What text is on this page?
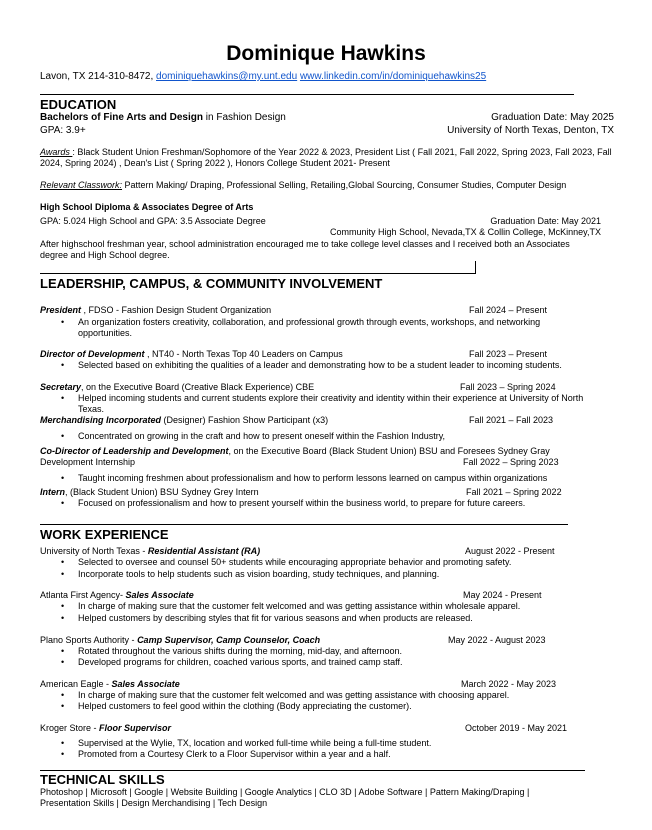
Dominique Hawkins
Lavon, TX 214-310-8472, dominiquehawkins@my.unt.edu www.linkedin.com/in/dominiquehawkins25
EDUCATION
Bachelors of Fine Arts and Design in Fashion Design	Graduation Date: May 2025
GPA: 3.9+	University of North Texas, Denton, TX
Awards : Black Student Union Freshman/Sophomore of the Year 2022 & 2023, President List ( Fall 2021, Fall 2022, Spring 2023, Fall 2023, Fall 2024, Spring 2024) , Dean's List ( Spring 2022 ), Honors College Student 2021- Present
Relevant Classwork: Pattern Making/ Draping, Professional Selling, Retailing,Global Sourcing, Consumer Studies, Computer Design
High School Diploma & Associates Degree of Arts
GPA: 5.024 High School and GPA: 3.5 Associate Degree	Graduation Date: May 2021
Community High School, Nevada,TX & Collin College, McKinney,TX
After highschool freshman year, school administration encouraged me to take college level classes and I received both an Associates degree and High School degree.
LEADERSHIP, CAMPUS, & COMMUNITY INVOLVEMENT
President , FDSO - Fashion Design Student Organization	Fall 2024 – Present
• An organization fosters creativity, collaboration, and professional growth through events, workshops, and networking opportunities.
Director of Development , NT40 - North Texas Top 40 Leaders on Campus	Fall 2023 – Present
• Selected based on exhibiting the qualities of a leader and demonstrating how to be a student leader to incoming students.
Secretary, on the Executive Board (Creative Black Experience) CBE	Fall 2023 – Spring 2024
• Helped incoming students and current students explore their creativity and identity within their experience at University of North Texas.
Merchandising Incorporated (Designer) Fashion Show Participant (x3)	Fall 2021 – Fall 2023
• Concentrated on growing in the craft and how to present oneself within the Fashion Industry,
Co-Director of Leadership and Development, on the Executive Board (Black Student Union) BSU and Foresees Sydney Gray
Development Internship	Fall 2022 – Spring 2023
• Taught incoming freshmen about professionalism and how to perform lessons learned on campus within organizations
Intern, (Black Student Union) BSU Sydney Grey Intern	Fall 2021 – Spring 2022
• Focused on professionalism and how to present yourself within the business world, to prepare for future careers.
WORK EXPERIENCE
University of North Texas - Residential Assistant (RA)	August 2022 - Present
• Selected to oversee and counsel 50+ students while encouraging appropriate behavior and promoting safety.
• Incorporate tools to help students such as vision boarding, study techniques, and planning.
Atlanta First Agency- Sales Associate	May 2024 - Present
• In charge of making sure that the customer felt welcomed and was getting assistance within wholesale apparel.
• Helped customers by describing styles that fit for various seasons and when products are released.
Plano Sports Authority - Camp Supervisor, Camp Counselor, Coach	May 2022 - August 2023
• Rotated throughout the various shifts during the morning, mid-day, and afternoon.
• Developed programs for children, coached various sports, and trained camp staff.
American Eagle - Sales Associate	March 2022 - May 2023
• In charge of making sure that the customer felt welcomed and was getting assistance with choosing apparel.
• Helped customers to feel good within the clothing (Body appreciating the customer).
Kroger Store - Floor Supervisor	October 2019 - May 2021
• Supervised at the Wylie, TX, location and worked full-time while being a full-time student.
• Promoted from a Courtesy Clerk to a Floor Supervisor within a year and a half.
TECHNICAL SKILLS
Photoshop | Microsoft | Google | Website Building | Google Analytics | CLO 3D | Adobe Software | Pattern Making/Draping |
Presentation Skills | Design Merchandising | Tech Design
